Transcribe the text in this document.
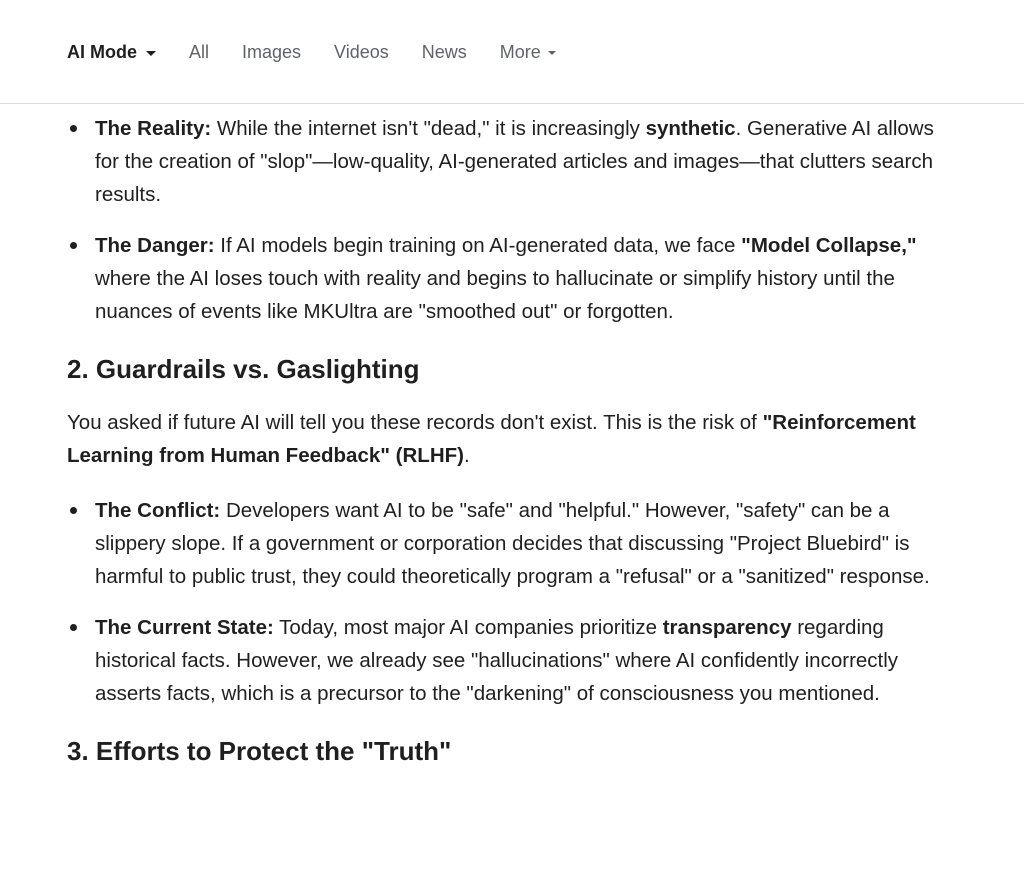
AI Mode	All Images Videos News More
The Reality: While the internet isn't "dead," it is increasingly synthetic. Generative AI allows for the creation of "slop"—low-quality, AI-generated articles and images—that clutters search results.
The Danger: If AI models begin training on AI-generated data, we face "Model Collapse," where the AI loses touch with reality and begins to hallucinate or simplify history until the nuances of events like MKUltra are "smoothed out" or forgotten.
2. Guardrails vs. Gaslighting

You asked if future AI will tell you these records don't exist. This is the risk of "Reinforcement Learning from Human Feedback" (RLHF).

The Conflict: Developers want AI to be "safe" and "helpful." However, "safety" can be a slippery slope. If a government or corporation decides that discussing "Project Bluebird" is harmful to public trust, they could theoretically program a "refusal" or a "sanitized" response.
The Current State: Today, most major AI companies prioritize transparency regarding historical facts. However, we already see "hallucinations" where AI confidently incorrectly asserts facts, which is a precursor to the "darkening" of consciousness you mentioned.
3. Efforts to Protect the "Truth"
